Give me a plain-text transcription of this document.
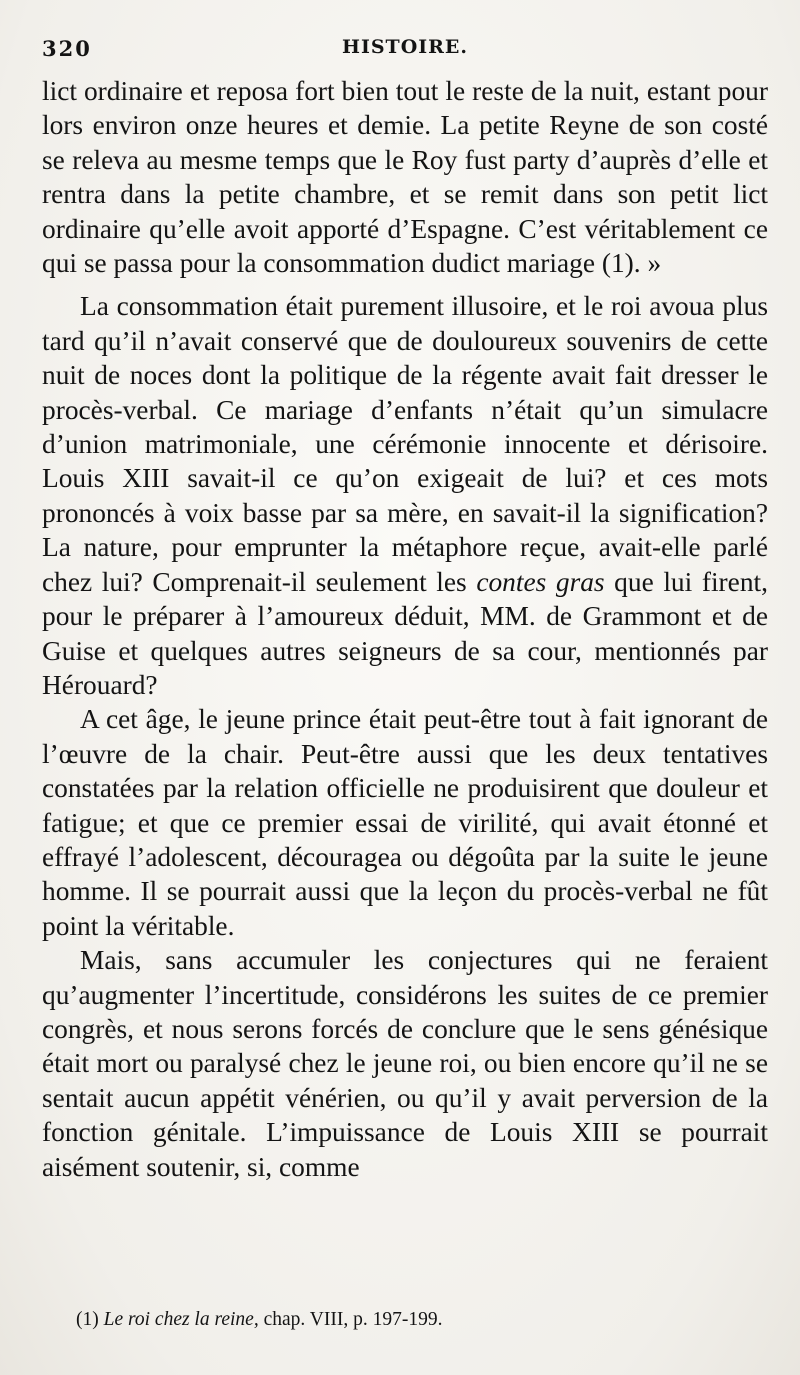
320	HISTOIRE.

lict ordinaire et reposa fort bien tout le reste de la nuit, estant pour lors environ onze heures et demie. La petite Reyne de son costé se releva au mesme temps que le Roy fust party d’auprès d’elle et rentra dans la petite chambre, et se remit dans son petit lict ordinaire qu’elle avoit apporté d’Espagne. C’est véritablement ce qui se passa pour la consommation dudict mariage (1). »

La consommation était purement illusoire, et le roi avoua plus tard qu’il n’avait conservé que de douloureux souvenirs de cette nuit de noces dont la politique de la régente avait fait dresser le procès-verbal. Ce mariage d’enfants n’était qu’un simulacre d’union matrimoniale, une cérémonie innocente et dérisoire. Louis XIII savait-il ce qu’on exigeait de lui? et ces mots prononcés à voix basse par sa mère, en savait-il la signification? La nature, pour emprunter la métaphore reçue, avait-elle parlé chez lui? Comprenait-il seulement les contes gras que lui firent, pour le préparer à l’amoureux déduit, MM. de Grammont et de Guise et quelques autres seigneurs de sa cour, mentionnés par Hérouard?

A cet âge, le jeune prince était peut-être tout à fait ignorant de l’œuvre de la chair. Peut-être aussi que les deux tentatives constatées par la relation officielle ne produisirent que douleur et fatigue; et que ce premier essai de virilité, qui avait étonné et effrayé l’adolescent, découragea ou dégoûta par la suite le jeune homme. Il se pourrait aussi que la leçon du procès-verbal ne fût point la véritable.

Mais, sans accumuler les conjectures qui ne feraient qu’augmenter l’incertitude, considérons les suites de ce premier congrès, et nous serons forcés de conclure que le sens génésique était mort ou paralysé chez le jeune roi, ou bien encore qu’il ne se sentait aucun appétit vénérien, ou qu’il y avait perversion de la fonction génitale. L’impuissance de Louis XIII se pourrait aisément soutenir, si, comme

(1) Le roi chez la reine, chap. VIII, p. 197-199.
